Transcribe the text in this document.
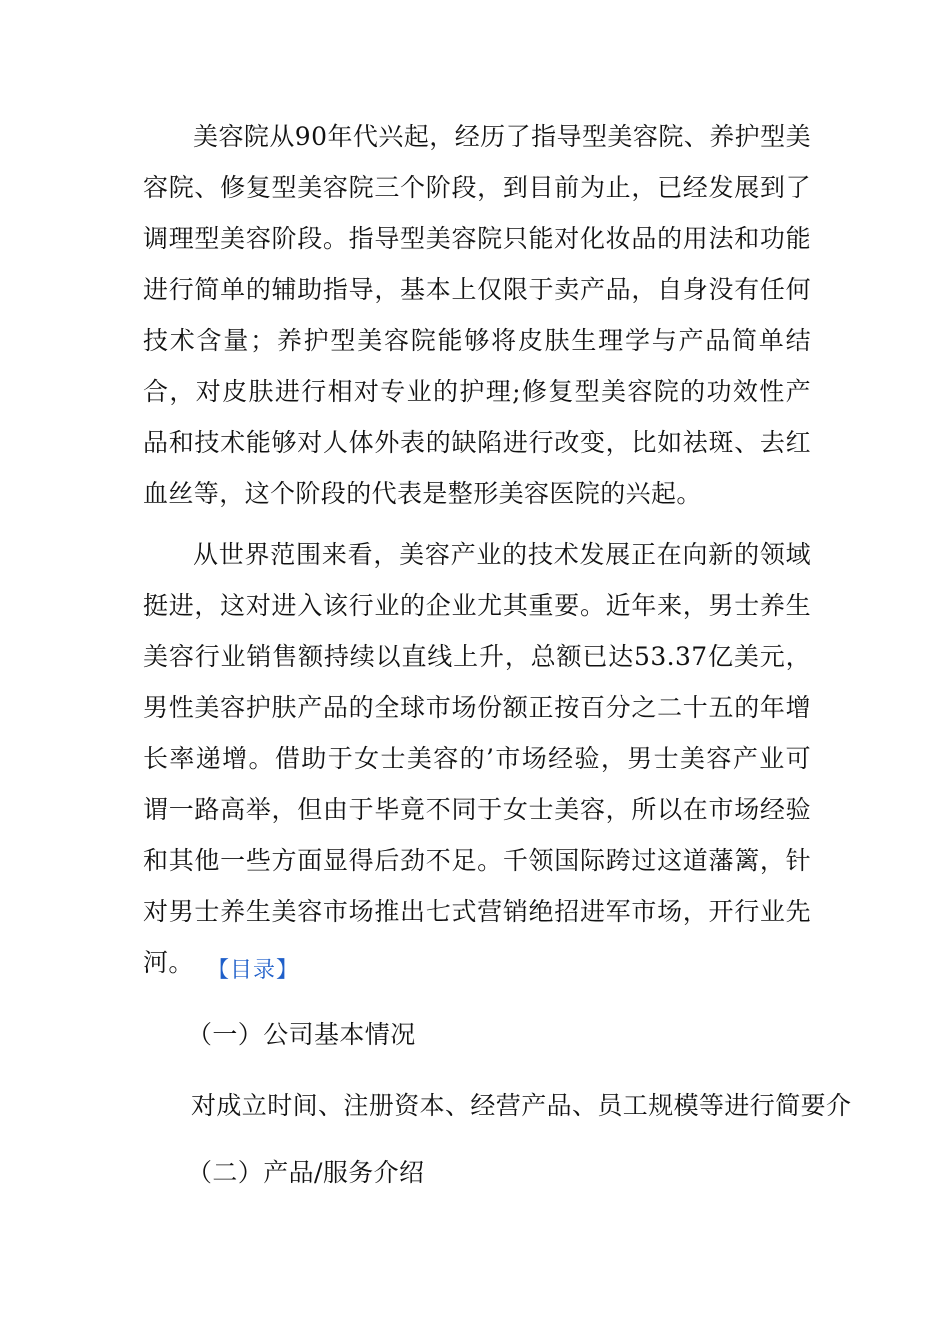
美容院从90年代兴起，经历了指导型美容院、养护型美容院、修复型美容院三个阶段，到目前为止，已经发展到了调理型美容阶段。指导型美容院只能对化妆品的用法和功能进行简单的辅助指导，基本上仅限于卖产品，自身没有任何技术含量；养护型美容院能够将皮肤生理学与产品简单结合，对皮肤进行相对专业的护理;修复型美容院的功效性产品和技术能够对人体外表的缺陷进行改变，比如祛斑、去红血丝等，这个阶段的代表是整形美容医院的兴起。

从世界范围来看，美容产业的技术发展正在向新的领域挺进，这对进入该行业的企业尤其重要。近年来，男士养生美容行业销售额持续以直线上升，总额已达53.37亿美元，男性美容护肤产品的全球市场份额正按百分之二十五的年增长率递增。借助于女士美容的’市场经验，男士美容产业可谓一路高举，但由于毕竟不同于女士美容，所以在市场经验和其他一些方面显得后劲不足。千领国际跨过这道藩篱，针对男士养生美容市场推出七式营销绝招进军市场，开行业先河。 【目录】
（一）公司基本情况
对成立时间、注册资本、经营产品、员工规模等进行简要介
（二）产品/服务介绍
